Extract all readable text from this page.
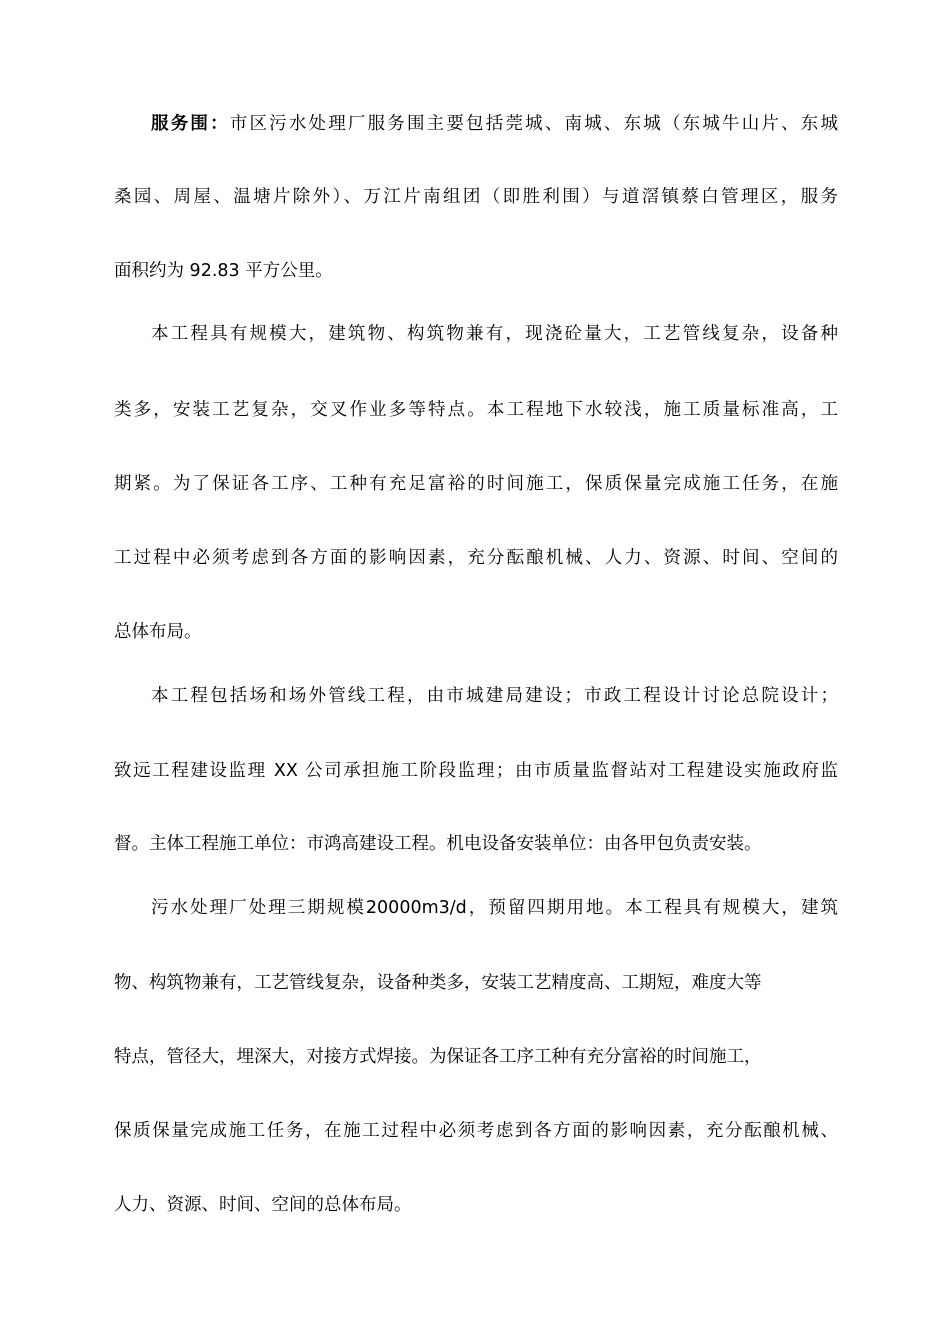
服务围：市区污水处理厂服务围主要包括莞城、南城、东城（东城牛山片、东城
桑园、周屋、温塘片除外）、万江片南组团（即胜利围）与道滘镇蔡白管理区，服务
面积约为 92.83 平方公里。
本工程具有规模大，建筑物、构筑物兼有，现浇砼量大，工艺管线复杂，设备种
类多，安装工艺复杂，交叉作业多等特点。本工程地下水较浅，施工质量标准高，工
期紧。为了保证各工序、工种有充足富裕的时间施工，保质保量完成施工任务，在施
工过程中必须考虑到各方面的影响因素，充分酝酿机械、人力、资源、时间、空间的
总体布局。
本工程包括场和场外管线工程，由市城建局建设；市政工程设计讨论总院设计；
致远工程建设监理 XX 公司承担施工阶段监理；由市质量监督站对工程建设实施政府监
督。主体工程施工单位：市鸿高建设工程。机电设备安装单位：由各甲包负责安装。
污水处理厂处理三期规模20000m3/d，预留四期用地。本工程具有规模大，建筑
物、构筑物兼有，工艺管线复杂，设备种类多，安装工艺精度高、工期短，难度大等
特点，管径大，埋深大，对接方式焊接。为保证各工序工种有充分富裕的时间施工，
保质保量完成施工任务，在施工过程中必须考虑到各方面的影响因素，充分酝酿机械、
人力、资源、时间、空间的总体布局。
